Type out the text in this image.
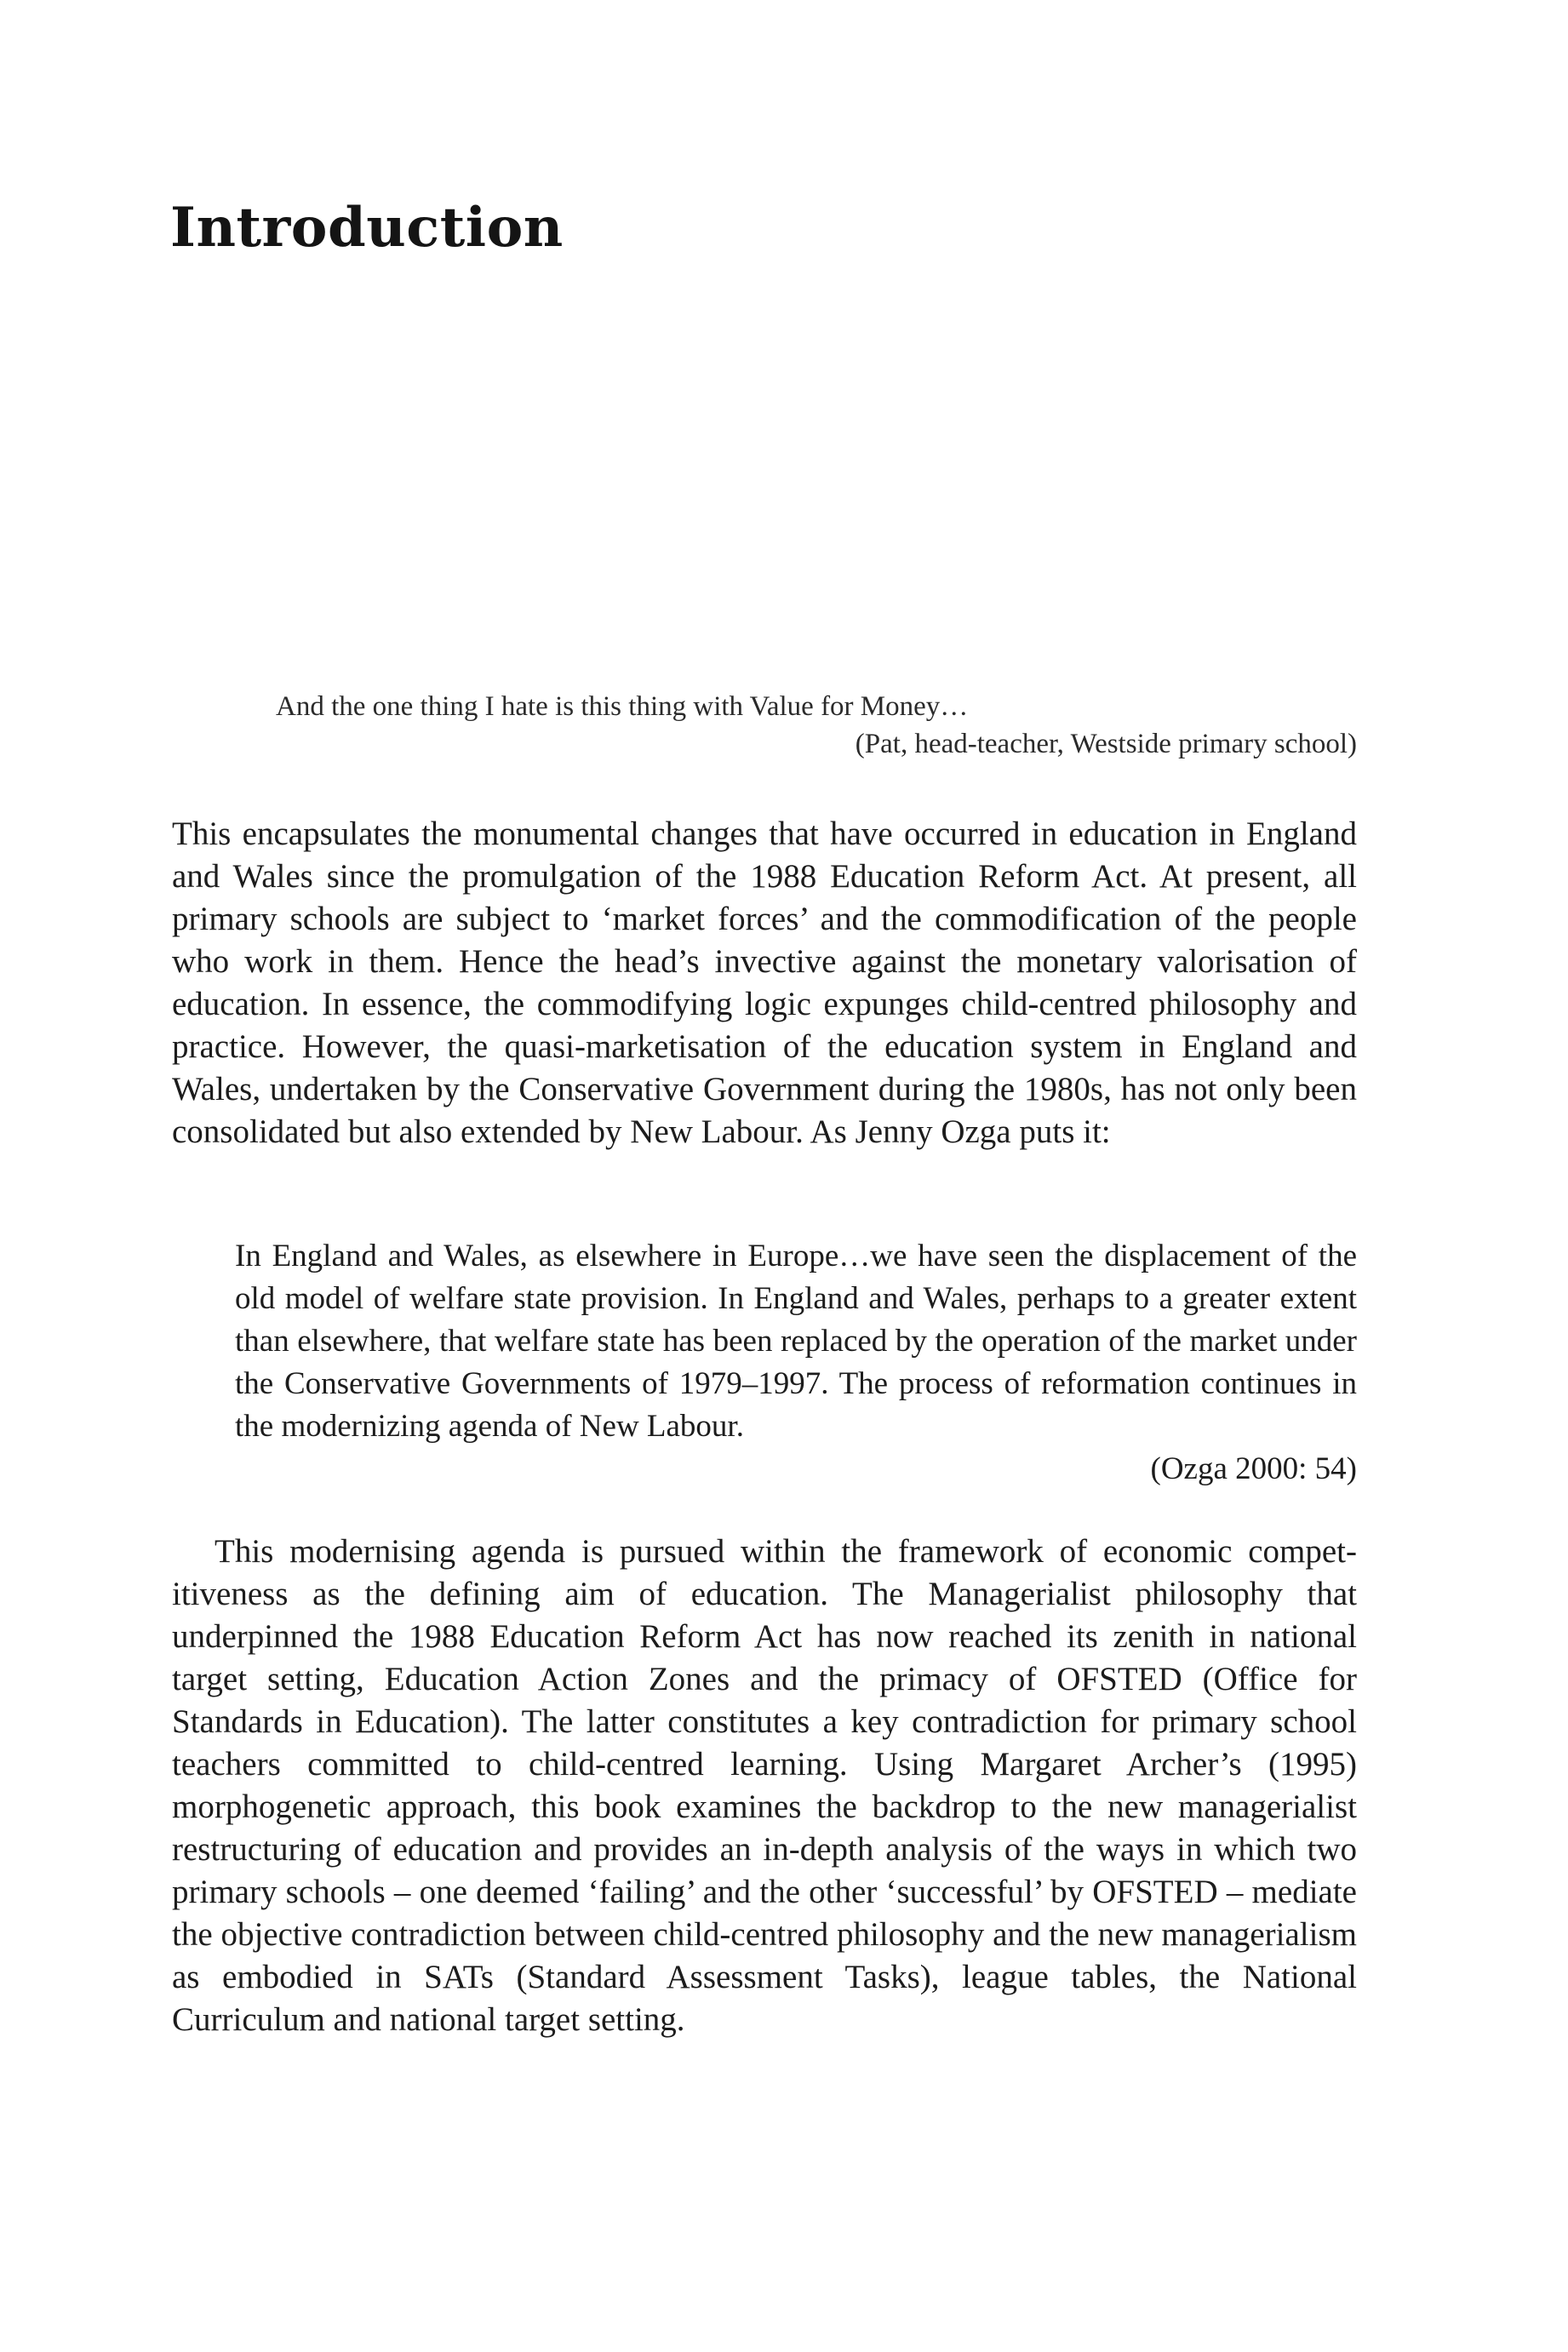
Introduction
And the one thing I hate is this thing with Value for Money…
(Pat, head-teacher, Westside primary school)

This encapsulates the monumental changes that have occurred in education in England and Wales since the promulgation of the 1988 Education Reform Act. At present, all primary schools are subject to ‘market forces’ and the commodification of the people who work in them. Hence the head’s invective against the monetary valorisation of education. In essence, the commodifying logic expunges child-centred philosophy and practice. However, the quasi-marketisation of the education system in England and Wales, undertaken by the Conservative Government during the 1980s, has not only been consolidated but also extended by New Labour. As Jenny Ozga puts it:

In England and Wales, as elsewhere in Europe…we have seen the displacement of the old model of welfare state provision. In England and Wales, perhaps to a greater extent than elsewhere, that welfare state has been replaced by the operation of the market under the Conservative Governments of 1979–1997. The process of reformation continues in the modernizing agenda of New Labour.
(Ozga 2000: 54)

This modernising agenda is pursued within the framework of economic competitiveness as the defining aim of education. The Managerialist philosophy that underpinned the 1988 Education Reform Act has now reached its zenith in national target setting, Education Action Zones and the primacy of OFSTED (Office for Standards in Education). The latter constitutes a key contradiction for primary school teachers committed to child-centred learning. Using Margaret Archer’s (1995) morphogenetic approach, this book examines the backdrop to the new managerialist restructuring of education and provides an in-depth analysis of the ways in which two primary schools – one deemed ‘failing’ and the other ‘successful’ by OFSTED – mediate the objective contradiction between child-centred philosophy and the new managerialism as embodied in SATs (Standard Assessment Tasks), league tables, the National Curriculum and national target setting.
